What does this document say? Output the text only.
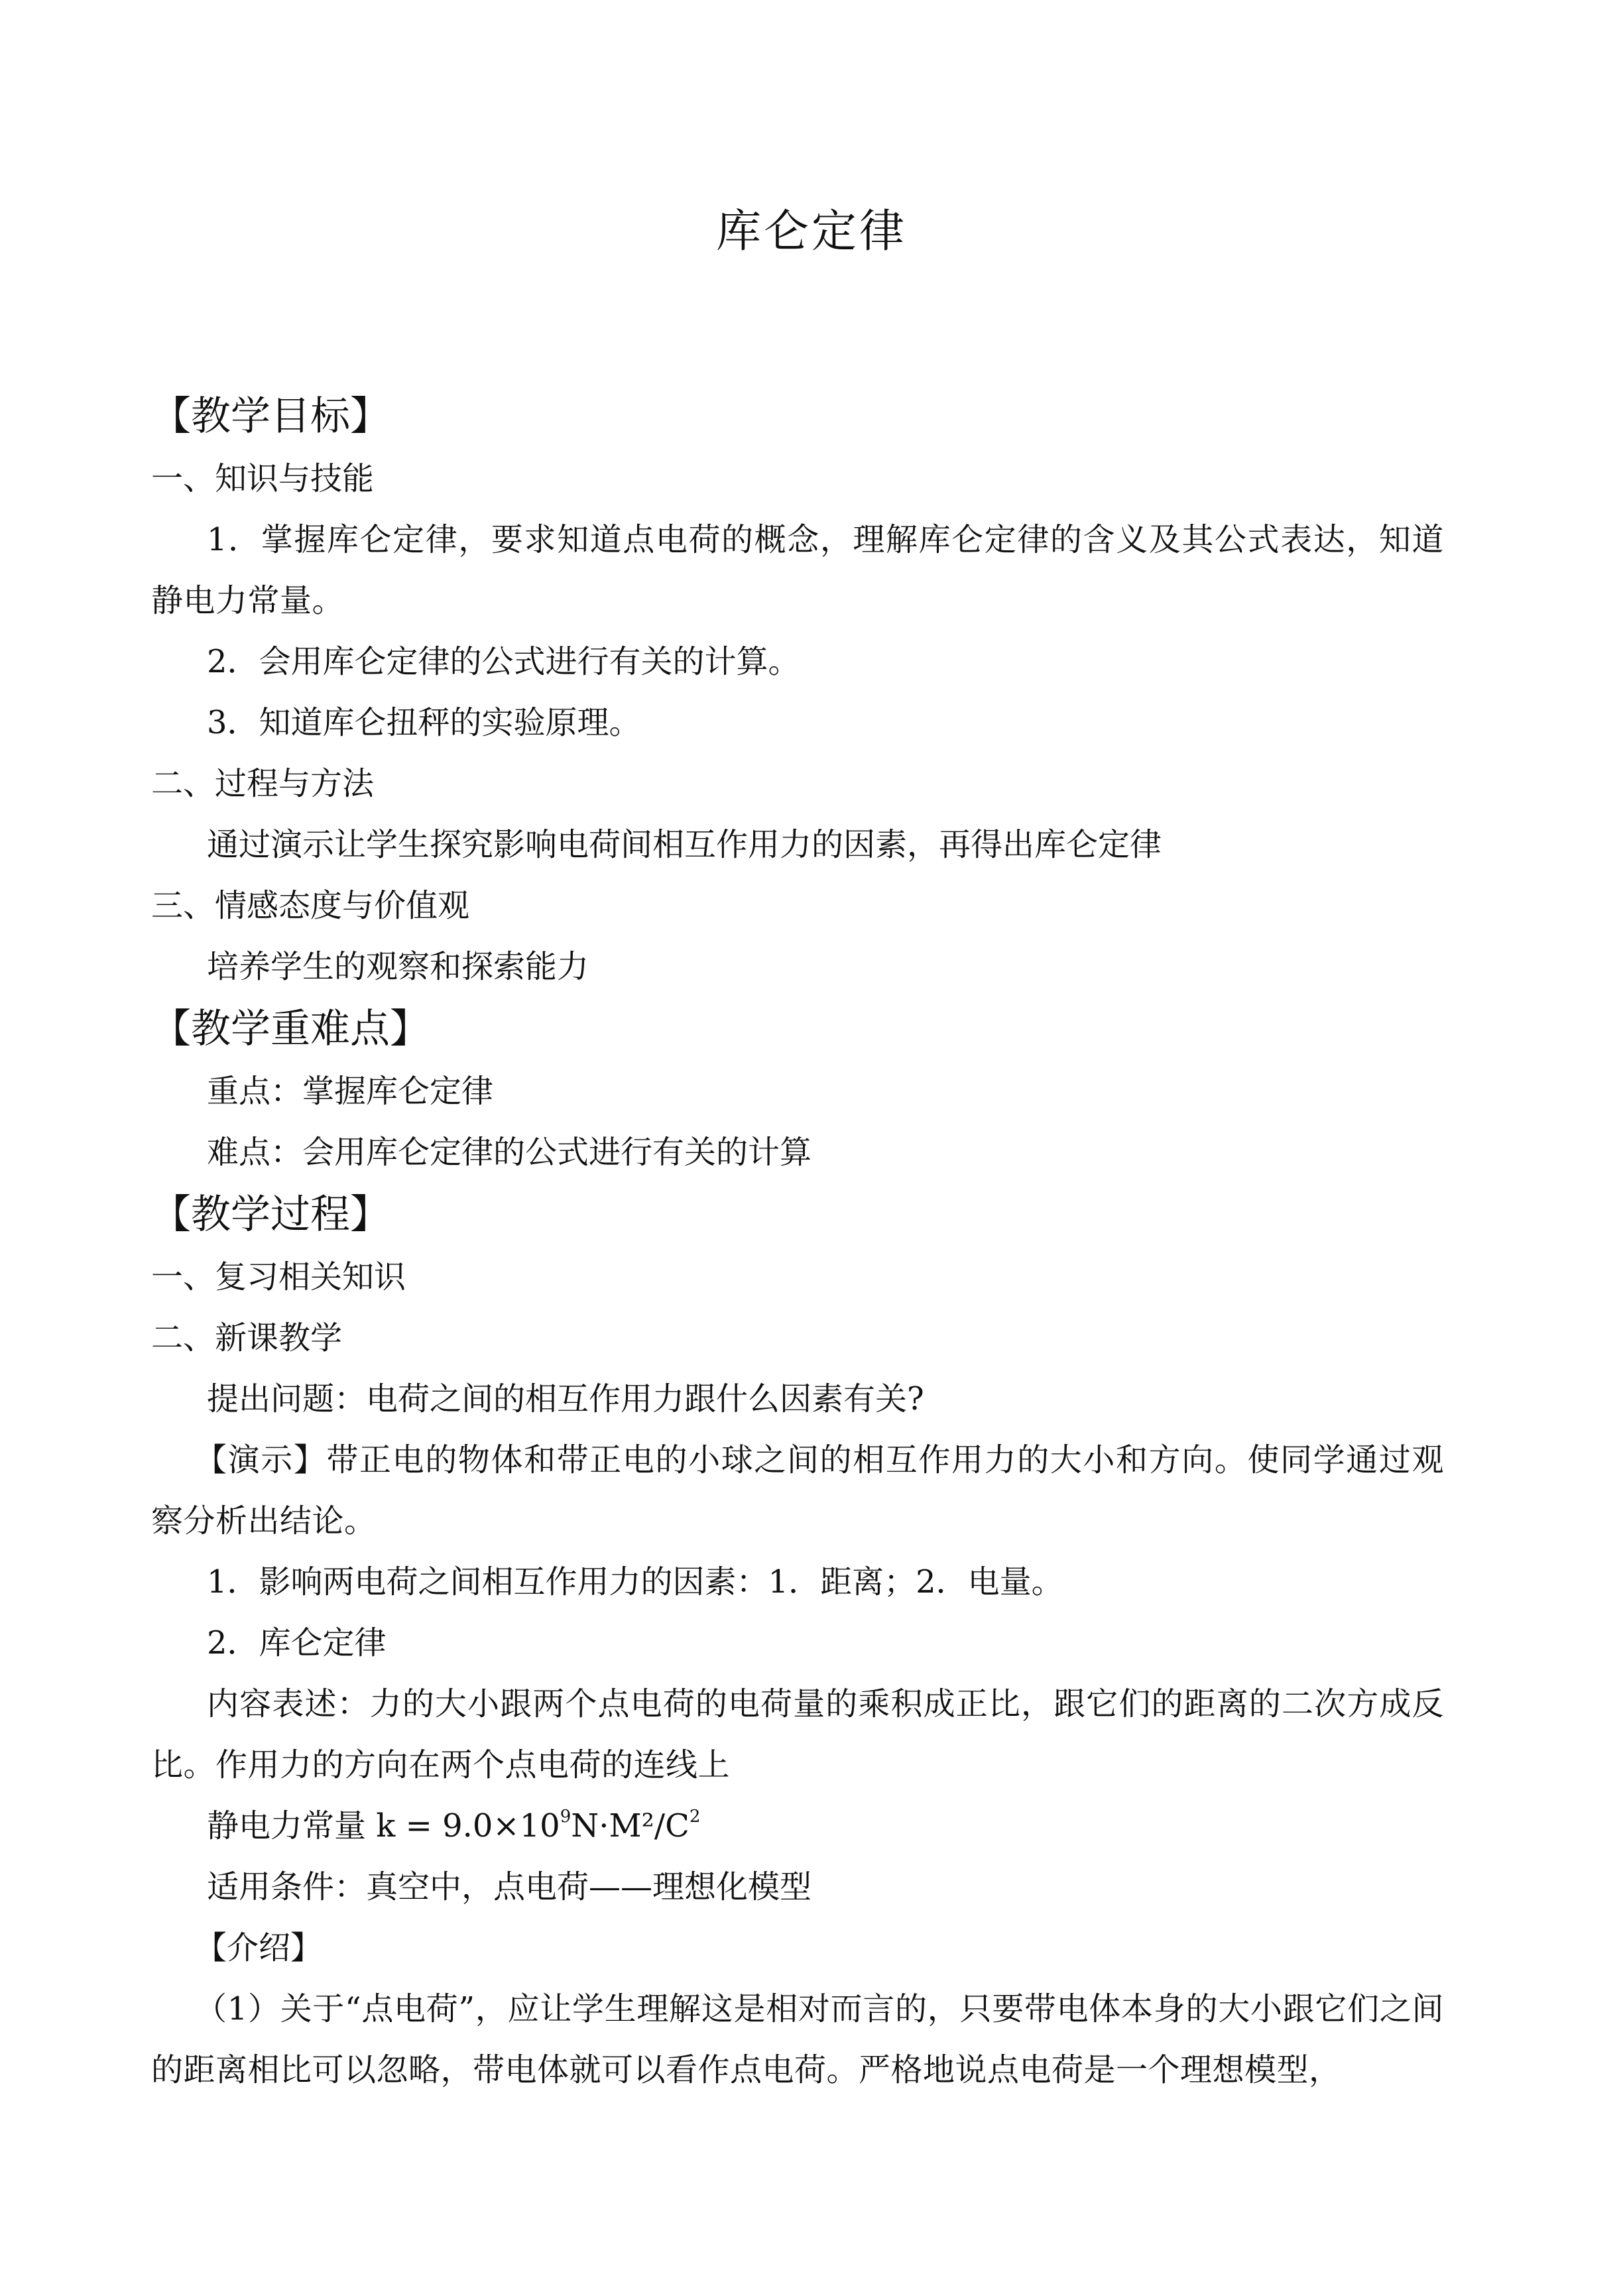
库仑定律
【教学目标】
一、知识与技能
1．掌握库仑定律，要求知道点电荷的概念，理解库仑定律的含义及其公式表达，知道静电力常量。
2．会用库仑定律的公式进行有关的计算。
3．知道库仑扭秤的实验原理。
二、过程与方法
通过演示让学生探究影响电荷间相互作用力的因素，再得出库仑定律
三、情感态度与价值观
培养学生的观察和探索能力
【教学重难点】
重点：掌握库仑定律
难点：会用库仑定律的公式进行有关的计算
【教学过程】
一、复习相关知识
二、新课教学
提出问题：电荷之间的相互作用力跟什么因素有关?
【演示】带正电的物体和带正电的小球之间的相互作用力的大小和方向。使同学通过观察分析出结论。
1．影响两电荷之间相互作用力的因素：1．距离；2．电量。
2．库仑定律
内容表述：力的大小跟两个点电荷的电荷量的乘积成正比，跟它们的距离的二次方成反比。作用力的方向在两个点电荷的连线上
静电力常量 $k = 9.0\times 10^9N\cdot M^2/C^2$
适用条件：真空中，点电荷——理想化模型
【介绍】
（1）关于“点电荷”，应让学生理解这是相对而言的，只要带电体本身的大小跟它们之间的距离相比可以忽略，带电体就可以看作点电荷。严格地说点电荷是一个理想模型，
